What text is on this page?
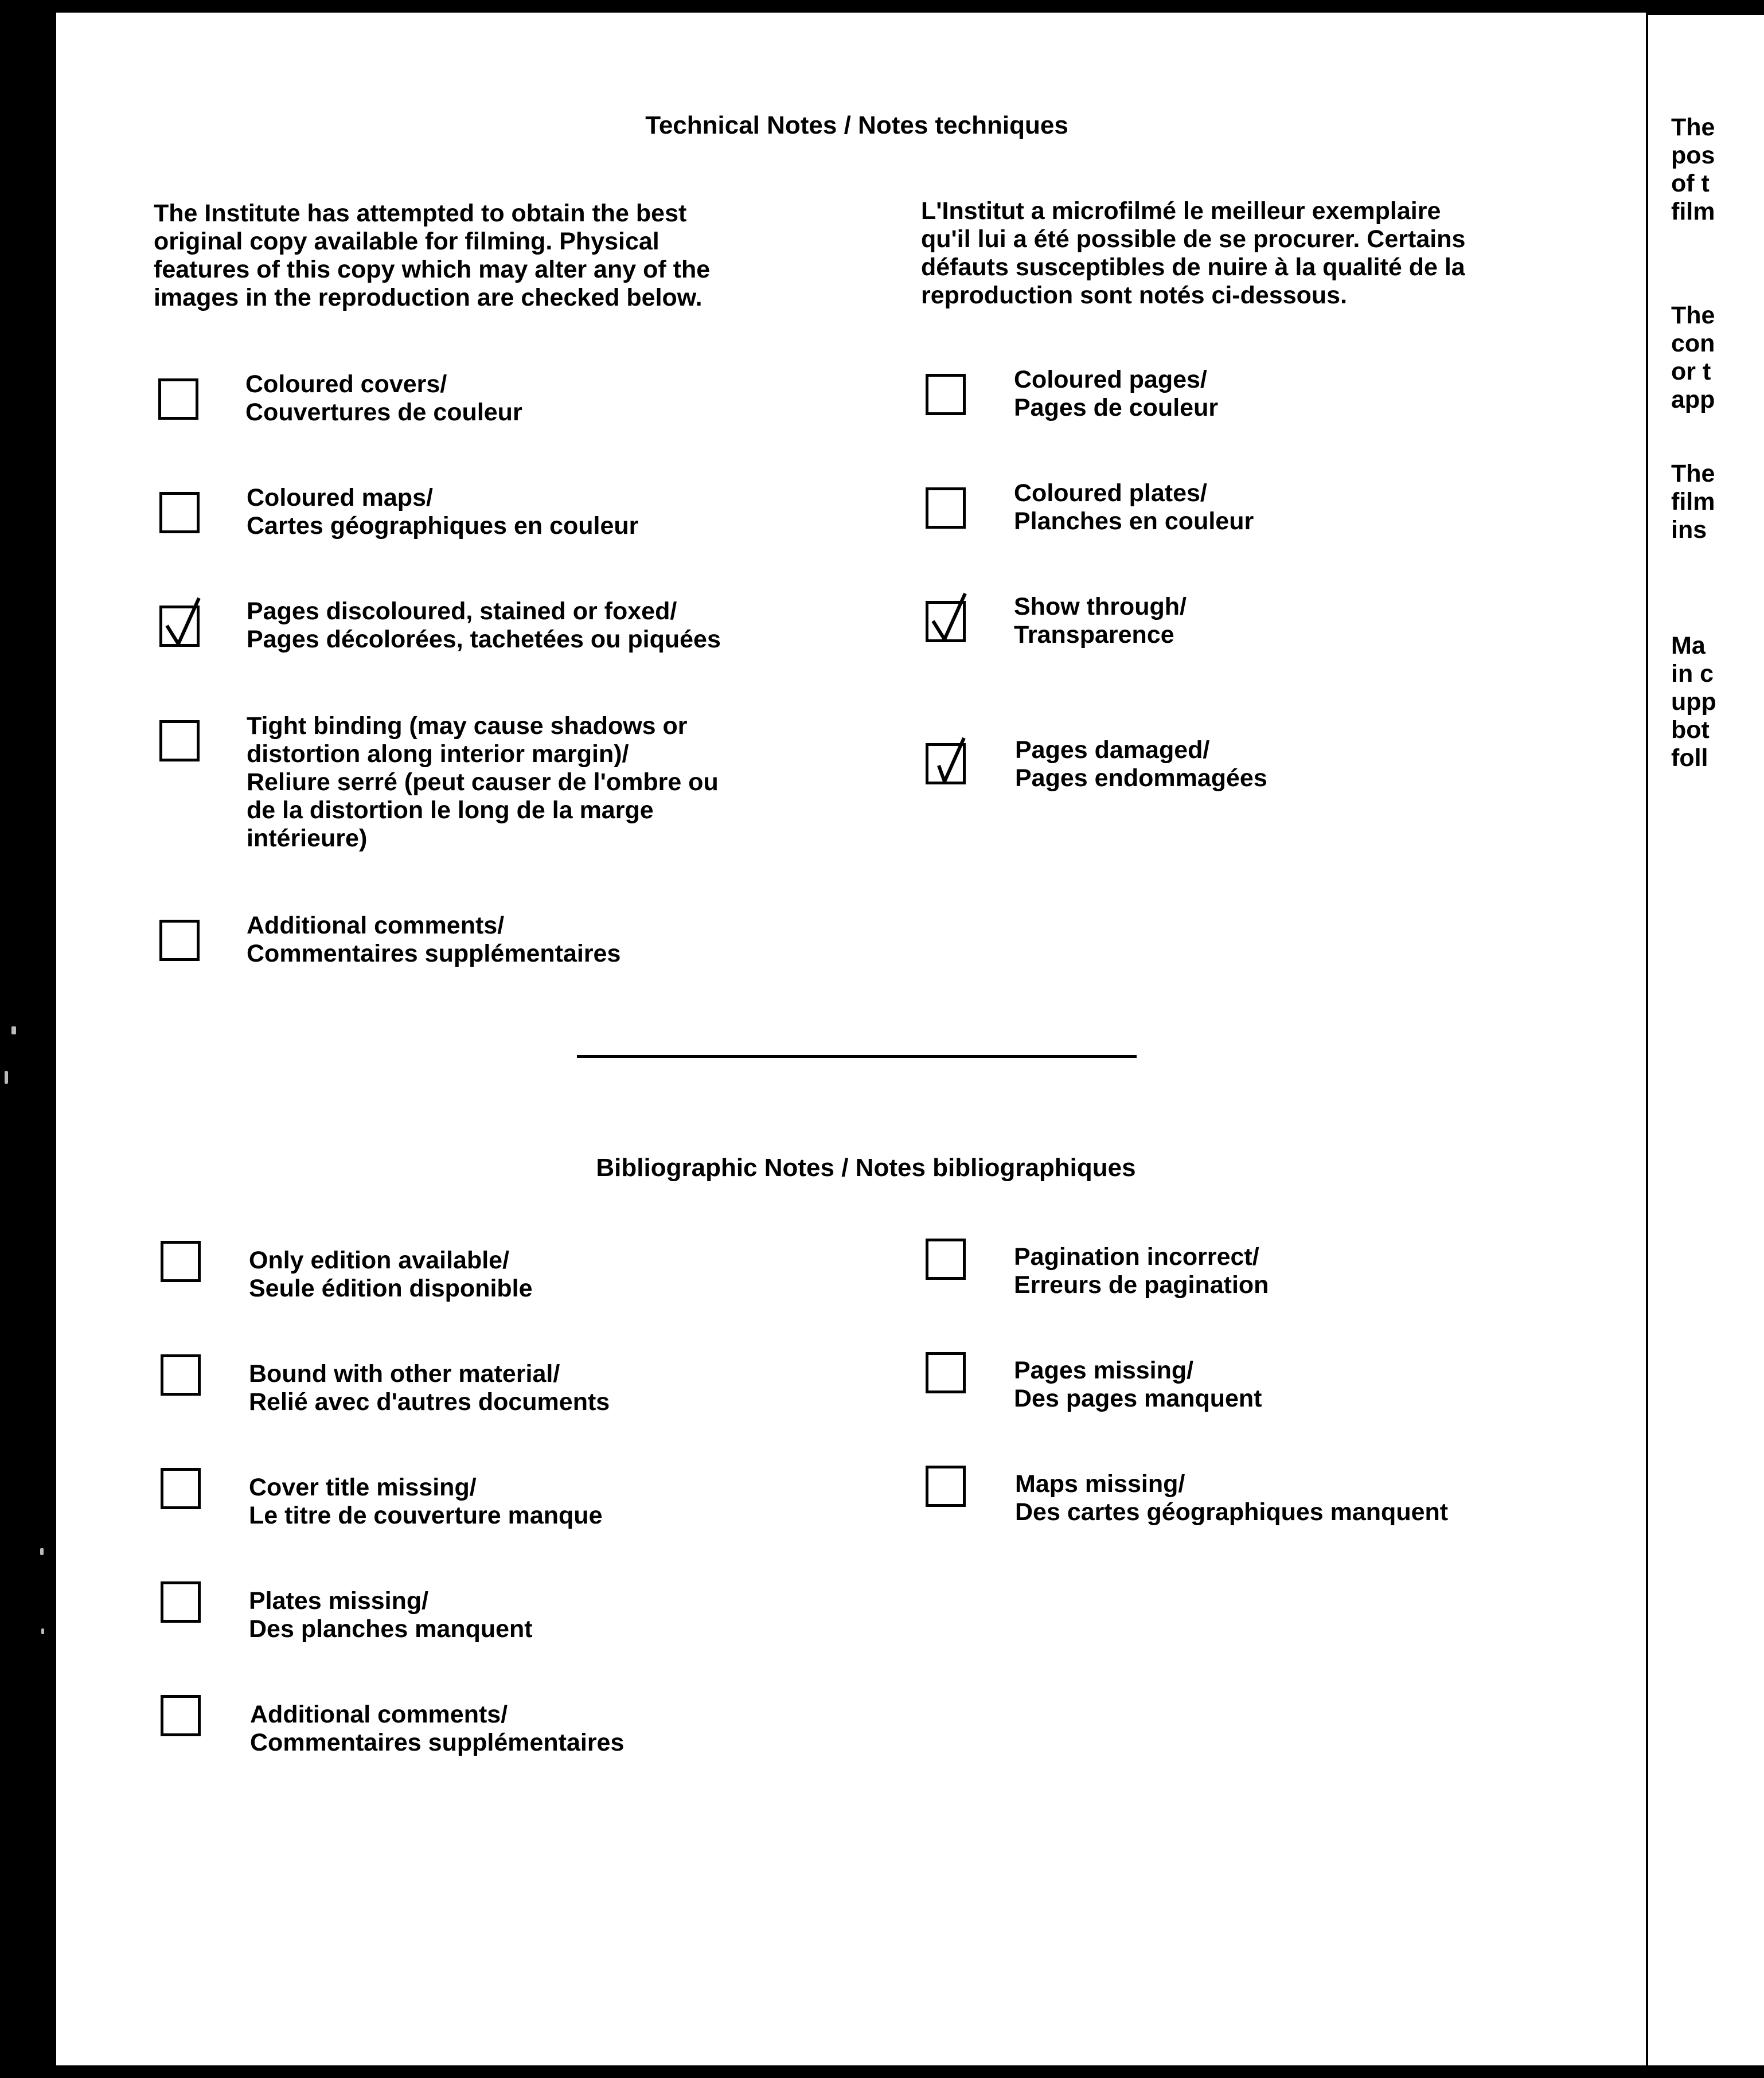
Technical Notes / Notes techniques

The Institute has attempted to obtain the best

original copy available for filming. Physical

features of this copy which may alter any of the

images in the reproduction are checked below.

L'Institut a microfilmé le meilleur exemplaire

qu'il lui a été possible de se procurer. Certains

défauts susceptibles de nuire à la qualité de la

reproduction sont notés ci-dessous.

Coloured covers/
Couvertures de couleur
Coloured maps/
Cartes géographiques en couleur
Pages discoloured, stained or foxed/
Pages décolorées, tachetées ou piquées
Tight binding (may cause shadows or
distortion along interior margin)/
Reliure serré (peut causer de l'ombre ou
de la distortion le long de la marge
intérieure)
Additional comments/
Commentaires supplémentaires
Coloured pages/
Pages de couleur
Coloured plates/
Planches en couleur
Show through/
Transparence
Pages damaged/
Pages endommagées
Bibliographic Notes / Notes bibliographiques
Only edition available/
Seule édition disponible
Bound with other material/
Relié avec d'autres documents
Cover title missing/
Le titre de couverture manque
Plates missing/
Des planches manquent
Additional comments/
Commentaires supplémentaires
Pagination incorrect/
Erreurs de pagination
Pages missing/
Des pages manquent
Maps missing/
Des cartes géographiques manquent
The
pos
of t
film
The
con
or t
app
The
film
ins
Ma
in c
upp
bot
foll
